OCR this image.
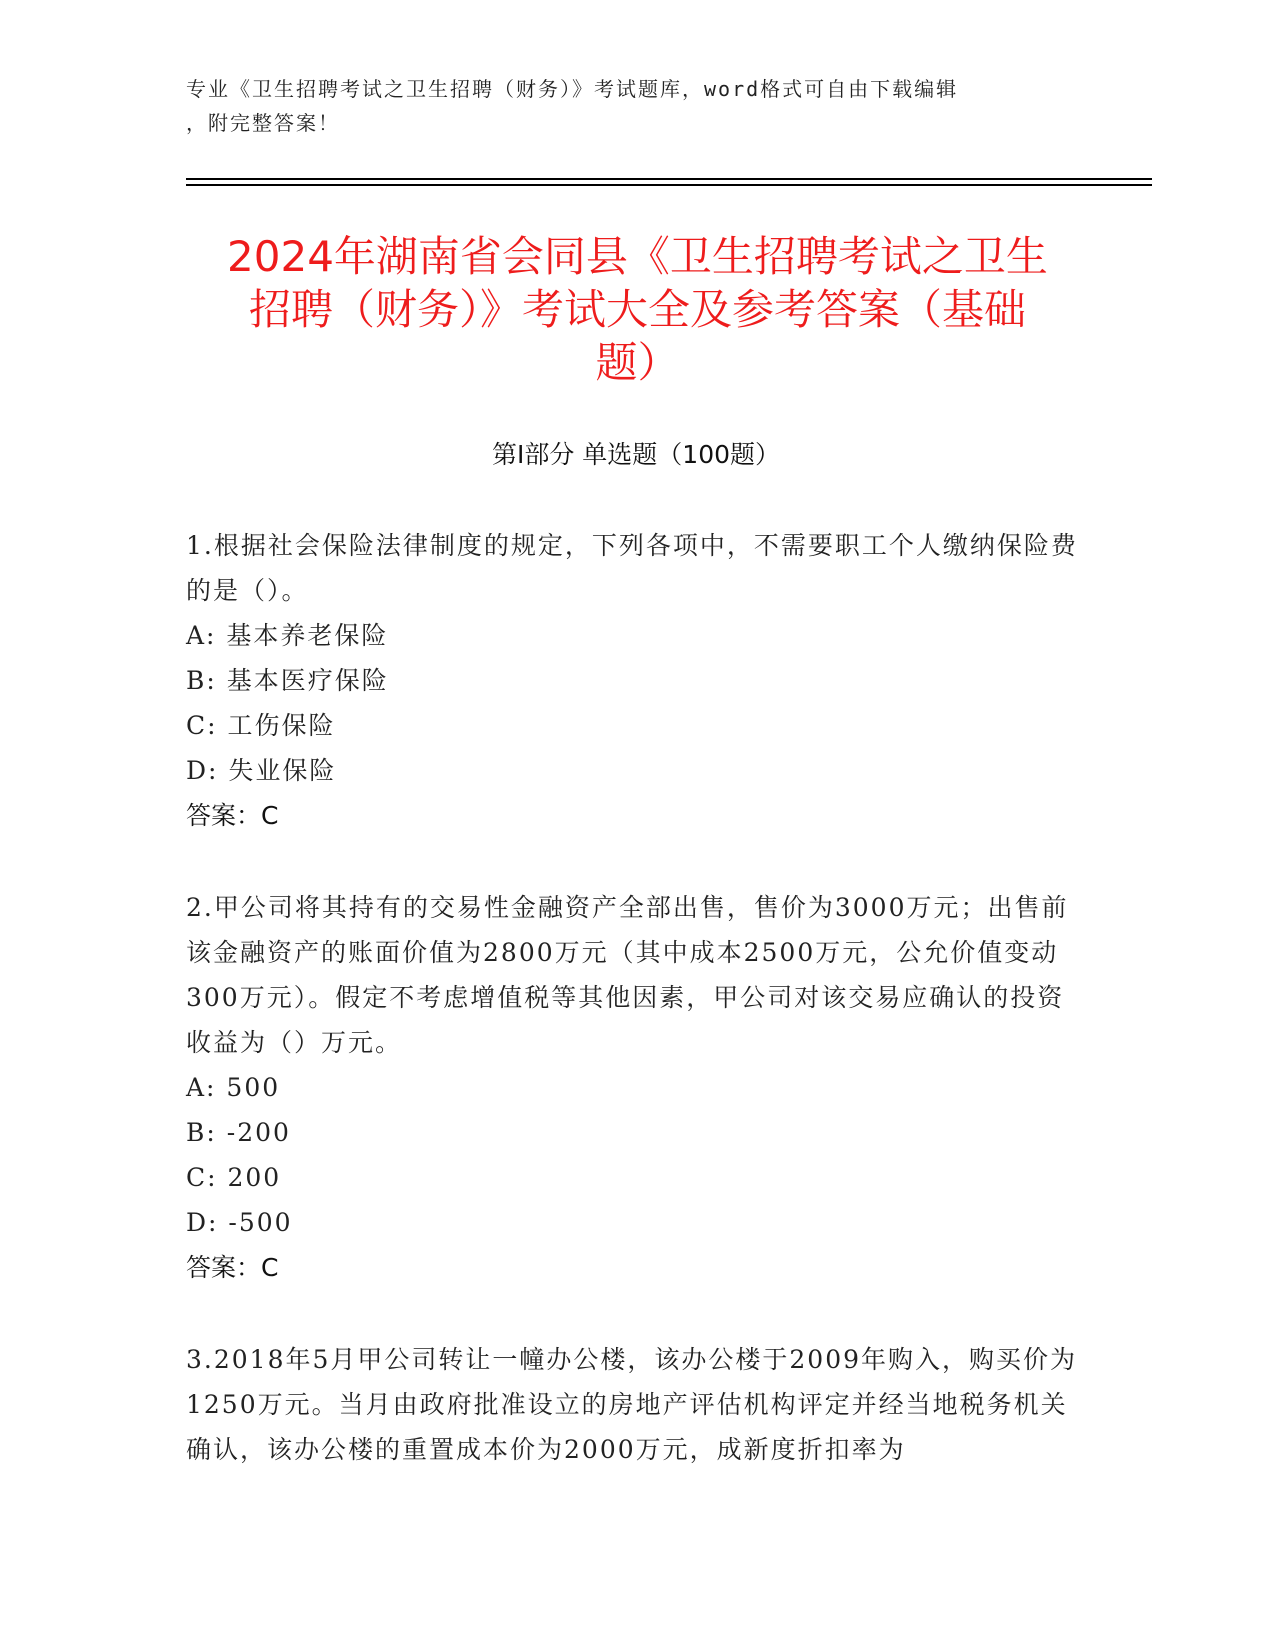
专业《卫生招聘考试之卫生招聘（财务）》考试题库，word格式可自由下载编辑
，附完整答案！
2024年湖南省会同县《卫生招聘考试之卫生
招聘（财务）》考试大全及参考答案（基础
题）
第Ⅰ部分 单选题（100题）
1.根据社会保险法律制度的规定，下列各项中，不需要职工个人缴纳保险费的是（）。
A: 基本养老保险
B: 基本医疗保险
C: 工伤保险
D: 失业保险
答案：C
2.甲公司将其持有的交易性金融资产全部出售，售价为3000万元；出售前该金融资产的账面价值为2800万元（其中成本2500万元，公允价值变动300万元）。假定不考虑增值税等其他因素，甲公司对该交易应确认的投资收益为（）万元。
A: 500
B: -200
C: 200
D: -500
答案：C
3.2018年5月甲公司转让一幢办公楼，该办公楼于2009年购入，购买价为1250万元。当月由政府批准设立的房地产评估机构评定并经当地税务机关确认，该办公楼的重置成本价为2000万元，成新度折扣率为
